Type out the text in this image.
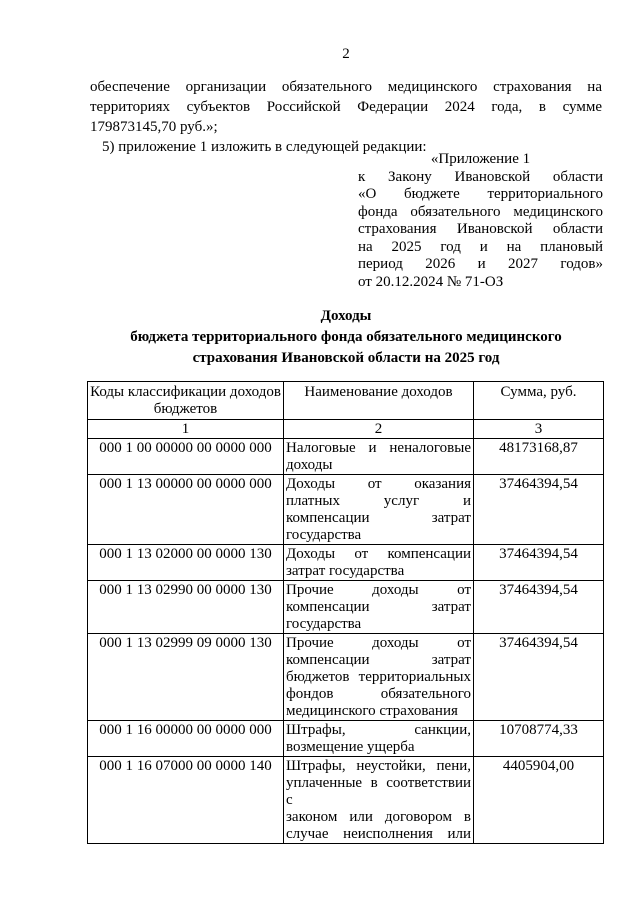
2
обеспечение организации обязательного медицинского страхования на
территориях субъектов Российской Федерации 2024 года, в сумме
179873145,70 руб.»;
5) приложение 1 изложить в следующей редакции:
«Приложение 1
к Закону Ивановской области
«О бюджете территориального
фонда обязательного медицинского
страхования Ивановской области
на 2025 год и на плановый
период 2026 и 2027 годов»
от 20.12.2024 № 71-ОЗ
Доходы
бюджета территориального фонда обязательного медицинского
страхования Ивановской области на 2025 год
Коды классификации доходов бюджетов	Наименование доходов	Сумма, руб.
1	2	3
000 1 00 00000 00 0000 000	Налоговые и неналоговые
доходы	48173168,87
000 1 13 00000 00 0000 000	Доходы от оказания
платных услуг и
компенсации затрат
государства	37464394,54
000 1 13 02000 00 0000 130	Доходы от компенсации
затрат государства	37464394,54
000 1 13 02990 00 0000 130	Прочие доходы от
компенсации затрат
государства	37464394,54
000 1 13 02999 09 0000 130	Прочие доходы от
компенсации затрат
бюджетов территориальных
фондов обязательного
медицинского страхования	37464394,54
000 1 16 00000 00 0000 000	Штрафы, санкции,
возмещение ущерба	10708774,33
000 1 16 07000 00 0000 140	Штрафы, неустойки, пени,
уплаченные в соответствии с
законом или договором в
случае неисполнения или	4405904,00
